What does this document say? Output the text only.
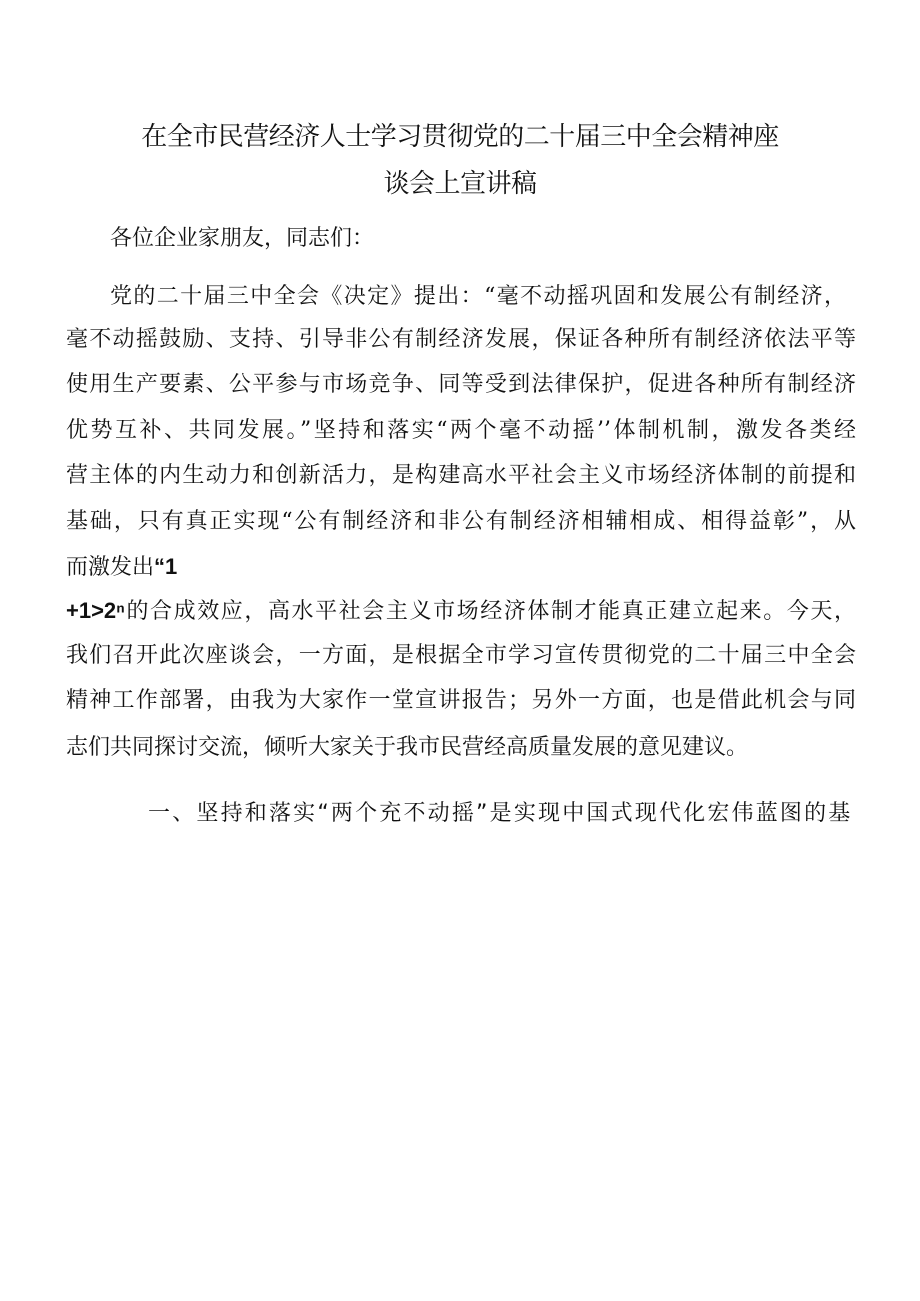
在全市民营经济人士学习贯彻党的二十届三中全会精神座
谈会上宣讲稿
各位企业家朋友，同志们：
党的二十届三中全会《决定》提出：“毫不动摇巩固和发展公有制经济，
毫不动摇鼓励、支持、引导非公有制经济发展，保证各种所有制经济依法平等
使用生产要素、公平参与市场竞争、同等受到法律保护，促进各种所有制经济
优势互补、共同发展。”坚持和落实“两个毫不动摇’’体制机制，激发各类经
营主体的内生动力和创新活力，是构建高水平社会主义市场经济体制的前提和
基础，只有真正实现“公有制经济和非公有制经济相辅相成、相得益彰”，从
而激发出“1
+1>2ⁿ的合成效应，高水平社会主义市场经济体制才能真正建立起来。今天，
我们召开此次座谈会，一方面，是根据全市学习宣传贯彻党的二十届三中全会
精神工作部署，由我为大家作一堂宣讲报告；另外一方面，也是借此机会与同
志们共同探讨交流，倾听大家关于我市民营经高质量发展的意见建议。
一、坚持和落实“两个充不动摇”是实现中国式现代化宏伟蓝图的基
